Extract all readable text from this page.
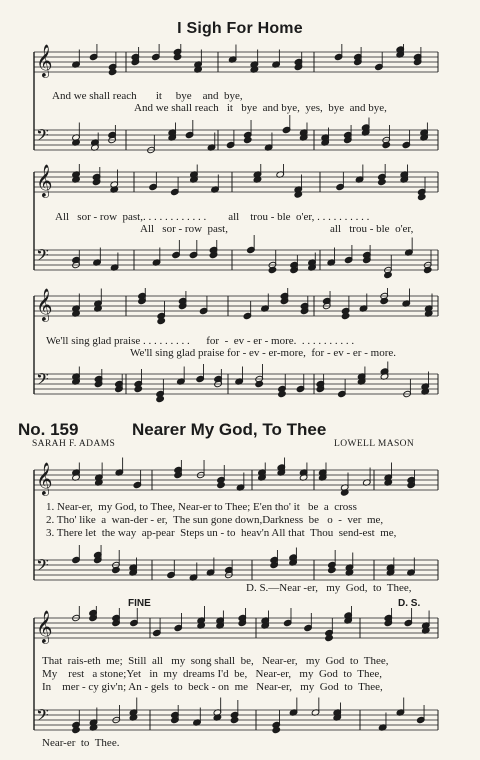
I Sigh For Home
𝄞
𝄢
And we shall reach       it     bye    and  bye,
And we shall reach   it   bye  and bye,  yes,  bye  and bye,
𝄞
𝄢
All   sor - row  past,. . . . . . . . . . . .        all    trou - ble  o'er, . . . . . . . . . .
All   sor - row  past,	all   trou - ble  o'er,
𝄞
𝄢
We'll sing glad praise . . . . . . . . .      for  -  ev - er - more.  . . . . . . . . . .
We'll sing glad praise for - ev - er-more,  for - ev - er - more.
No. 159	Nearer My God, To Thee
SARAH F. ADAMS	LOWELL MASON
𝄞
𝄢
1. Near-er,  my God, to Thee, Near-er to Thee; E'en tho' it   be  a  cross
2. Tho' like  a  wan-der - er,  The sun gone down,Darkness  be   o  -  ver  me,
3. There let  the way  ap-pear  Steps un - to  heav'n All that  Thou  send-est  me,
D. S.—Near -er,   my  God,  to  Thee,
FINE	D. S.
𝄞
𝄢
That  rais-eth  me;  Still  all   my  song shall  be,   Near-er,   my  God  to  Thee,
My    rest   a stone;Yet   in  my  dreams I'd  be,   Near-er,   my  God  to  Thee,
In    mer - cy giv'n; An - gels  to  beck - on  me   Near-er,   my  God  to  Thee,
Near-er  to  Thee.
